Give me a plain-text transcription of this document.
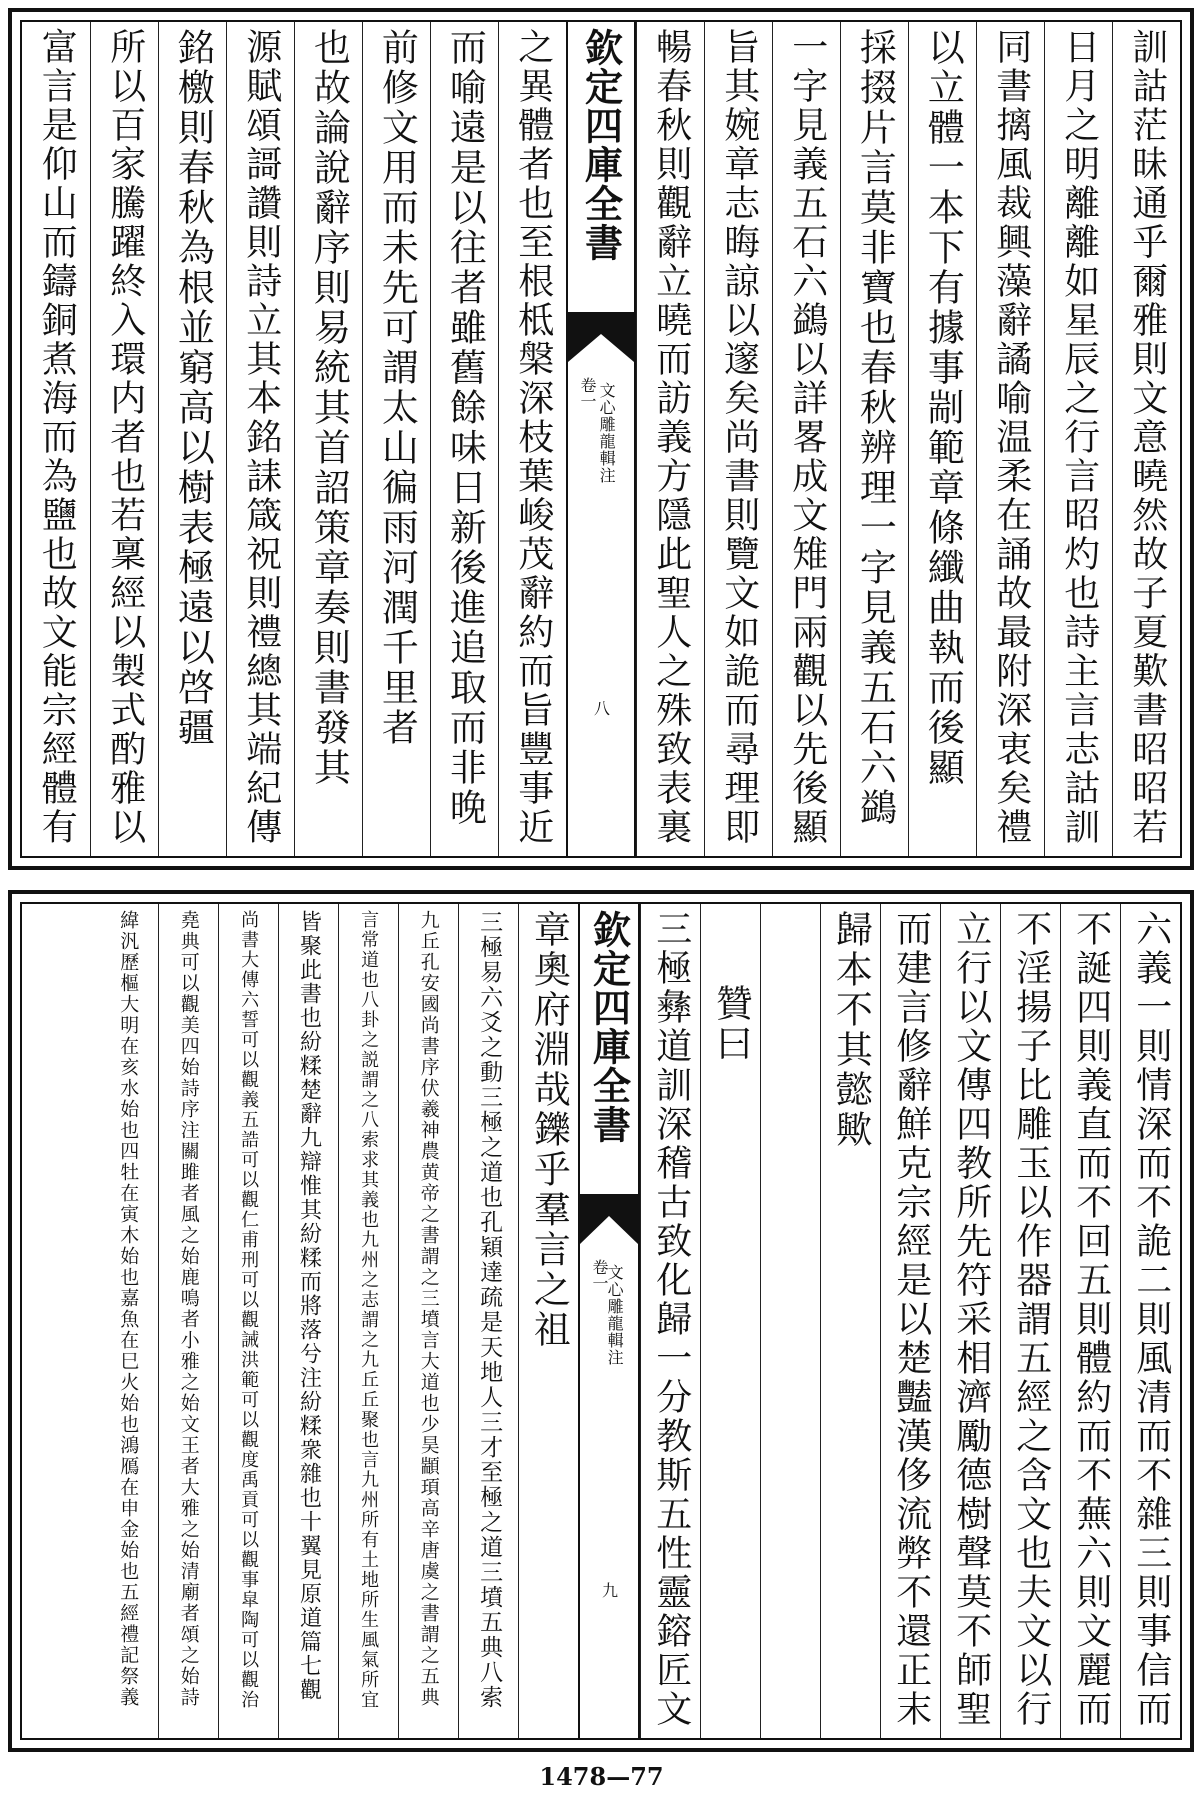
訓詁茫昧通乎爾雅則文意曉然故子夏歎書昭昭若
日月之明離離如星辰之行言昭灼也詩主言志詁訓
同書摛風裁興藻辭譎喻温柔在誦故最附深衷矣禮
以立體一本下有據事剬範章條纖曲執而後顯
採掇片言莫非寶也春秋辨理一字見義五石六鷁
一字見義五石六鷁以詳畧成文雉門兩觀以先後顯
旨其婉章志晦諒以邃矣尚書則覽文如詭而尋理即
暢春秋則觀辭立曉而訪義方隱此聖人之殊致表裏
欽定四庫全書
文心雕龍輯注
卷一
八
之異體者也至根柢槃深枝葉峻茂辭約而旨豐事近
而喻遠是以往者雖舊餘味日新後進追取而非晚
前修文用而未先可謂太山徧雨河潤千里者
也故論說辭序則易統其首詔策章奏則書發其
源賦頌謌讚則詩立其本銘誄箴祝則禮總其端紀傳
銘檄則春秋為根並窮高以樹表極遠以啓疆
所以百家騰躍終入環内者也若稟經以製式酌雅以
富言是仰山而鑄銅煮海而為鹽也故文能宗經體有
六義一則情深而不詭二則風清而不雜三則事信而
不誕四則義直而不回五則體約而不蕪六則文麗而
不淫揚子比雕玉以作器謂五經之含文也夫文以行
立行以文傳四教所先符采相濟勵德樹聲莫不師聖
而建言修辭鮮克宗經是以楚豔漢侈流弊不還正末
歸本不其懿歟
贊曰
三極彝道訓深稽古致化歸一分教斯五性靈鎔匠文
欽定四庫全書
文心雕龍輯注
卷一
九
章奧府淵哉鑠乎羣言之祖
三極易六爻之動三極之道也孔穎達疏是天地人三才至極之道三墳五典八索
九丘孔安國尚書序伏羲神農黄帝之書謂之三墳言大道也少昊顓頊高辛唐虞之書謂之五典
言常道也八卦之説謂之八索求其義也九州之志謂之九丘丘聚也言九州所有土地所生風氣所宜
皆聚此書也紛糅楚辭九辯惟其紛糅而將落兮注紛糅衆雜也十翼見原道篇七觀
尚書大傳六誓可以觀義五誥可以觀仁甫刑可以觀誡洪範可以觀度禹貢可以觀事皐陶可以觀治
堯典可以觀美四始詩序注關雎者風之始鹿鳴者小雅之始文王者大雅之始清廟者頌之始詩
緯汎歷樞大明在亥水始也四牡在寅木始也嘉魚在巳火始也鴻鴈在申金始也五經禮記祭義
1478—77
